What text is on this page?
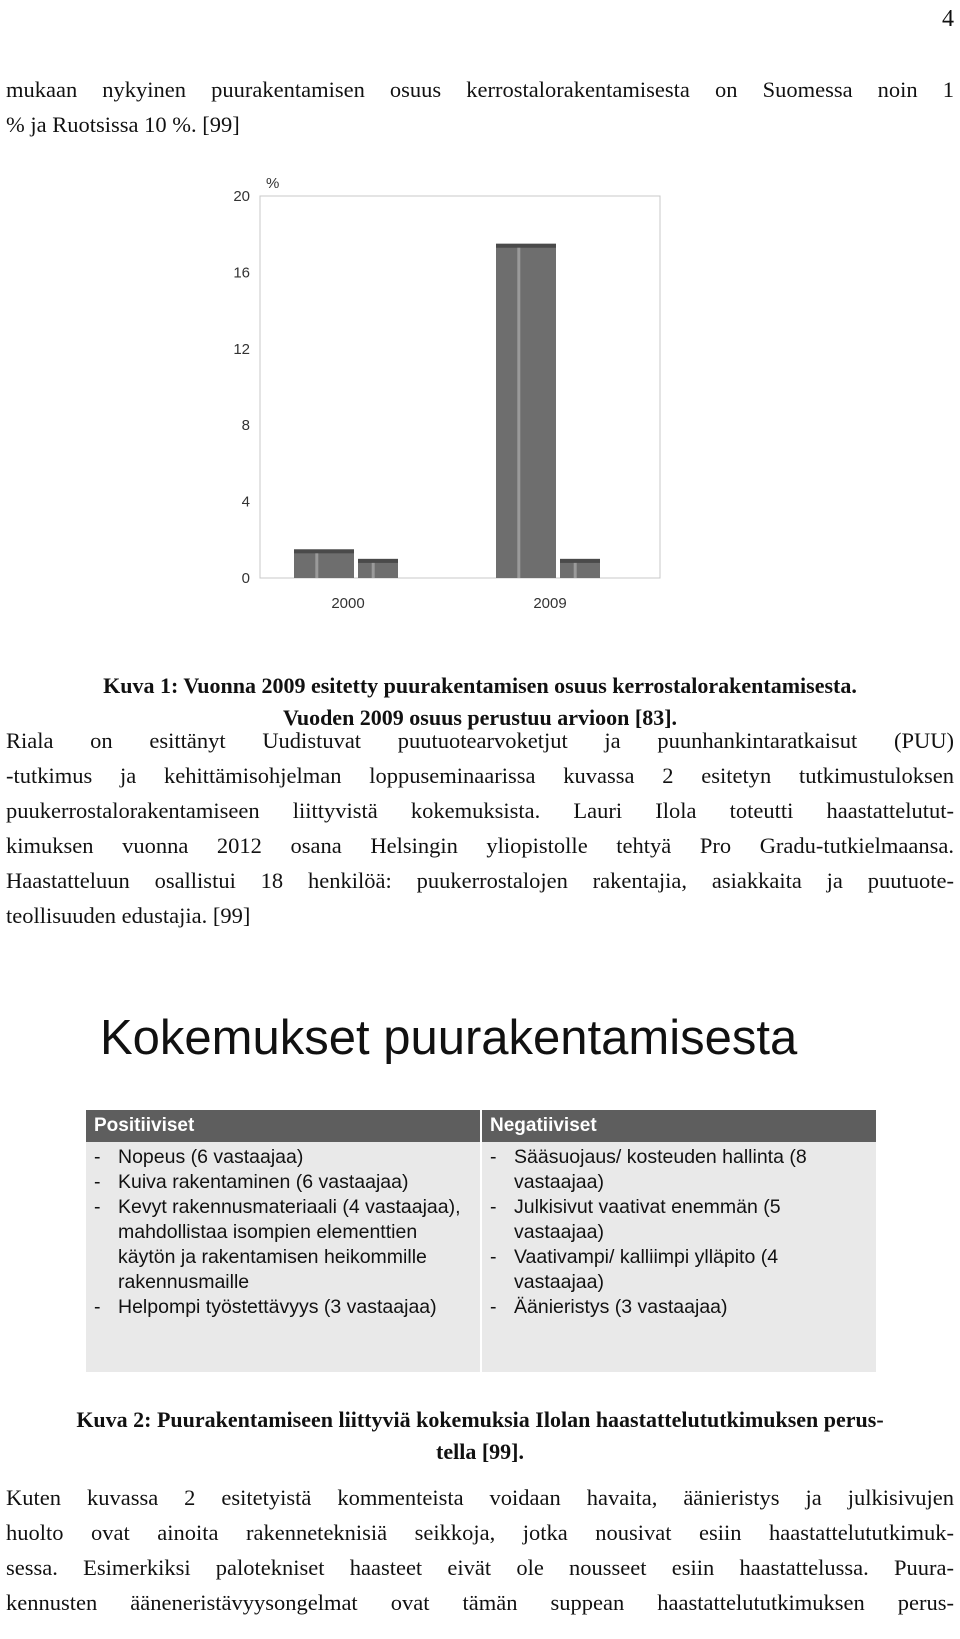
4
mukaan nykyinen puurakentamisen osuus kerrostalorakentamisesta on Suomessa noin 1
% ja Ruotsissa 10 %. [99]
0
4
8
12
16
20
%
2000	2009
Kuva 1: Vuonna 2009 esitetty puurakentamisen osuus kerrostalorakentamisesta.
Vuoden 2009 osuus perustuu arvioon [83].
Riala on esittänyt Uudistuvat puutuotearvoketjut ja puunhankintaratkaisut (PUU)
-tutkimus ja kehittämisohjelman loppuseminaarissa kuvassa 2 esitetyn tutkimustuloksen
puukerrostalorakentamiseen liittyvistä kokemuksista. Lauri Ilola toteutti haastattelutut-
kimuksen vuonna 2012 osana Helsingin yliopistolle tehtyä Pro Gradu-tutkielmaansa.
Haastatteluun osallistui 18 henkilöä: puukerrostalojen rakentajia, asiakkaita ja puutuote-
teollisuuden edustajia. [99]
Kokemukset puurakentamisesta
Positiiviset
- Nopeus (6 vastaajaa)
- Kuiva rakentaminen (6 vastaajaa)
- Kevyt rakennusmateriaali (4 vastaajaa), mahdollistaa isompien elementtien käytön ja rakentamisen heikommille rakennusmaille
- Helpompi työstettävyys (3 vastaajaa)
Negatiiviset
- Sääsuojaus/ kosteuden hallinta (8 vastaajaa)
- Julkisivut vaativat enemmän (5 vastaajaa)
- Vaativampi/ kalliimpi ylläpito (4 vastaajaa)
- Äänieristys (3 vastaajaa)
Kuva 2: Puurakentamiseen liittyviä kokemuksia Ilolan haastattelututkimuksen perus-
tella [99].
Kuten kuvassa 2 esitetyistä kommenteista voidaan havaita, äänieristys ja julkisivujen
huolto ovat ainoita rakenneteknisiä seikkoja, jotka nousivat esiin haastattelututkimuk-
sessa. Esimerkiksi palotekniset haasteet eivät ole nousseet esiin haastattelussa. Puura-
kennusten ääneneristävyysongelmat ovat tämän suppean haastattelututkimuksen perus-
